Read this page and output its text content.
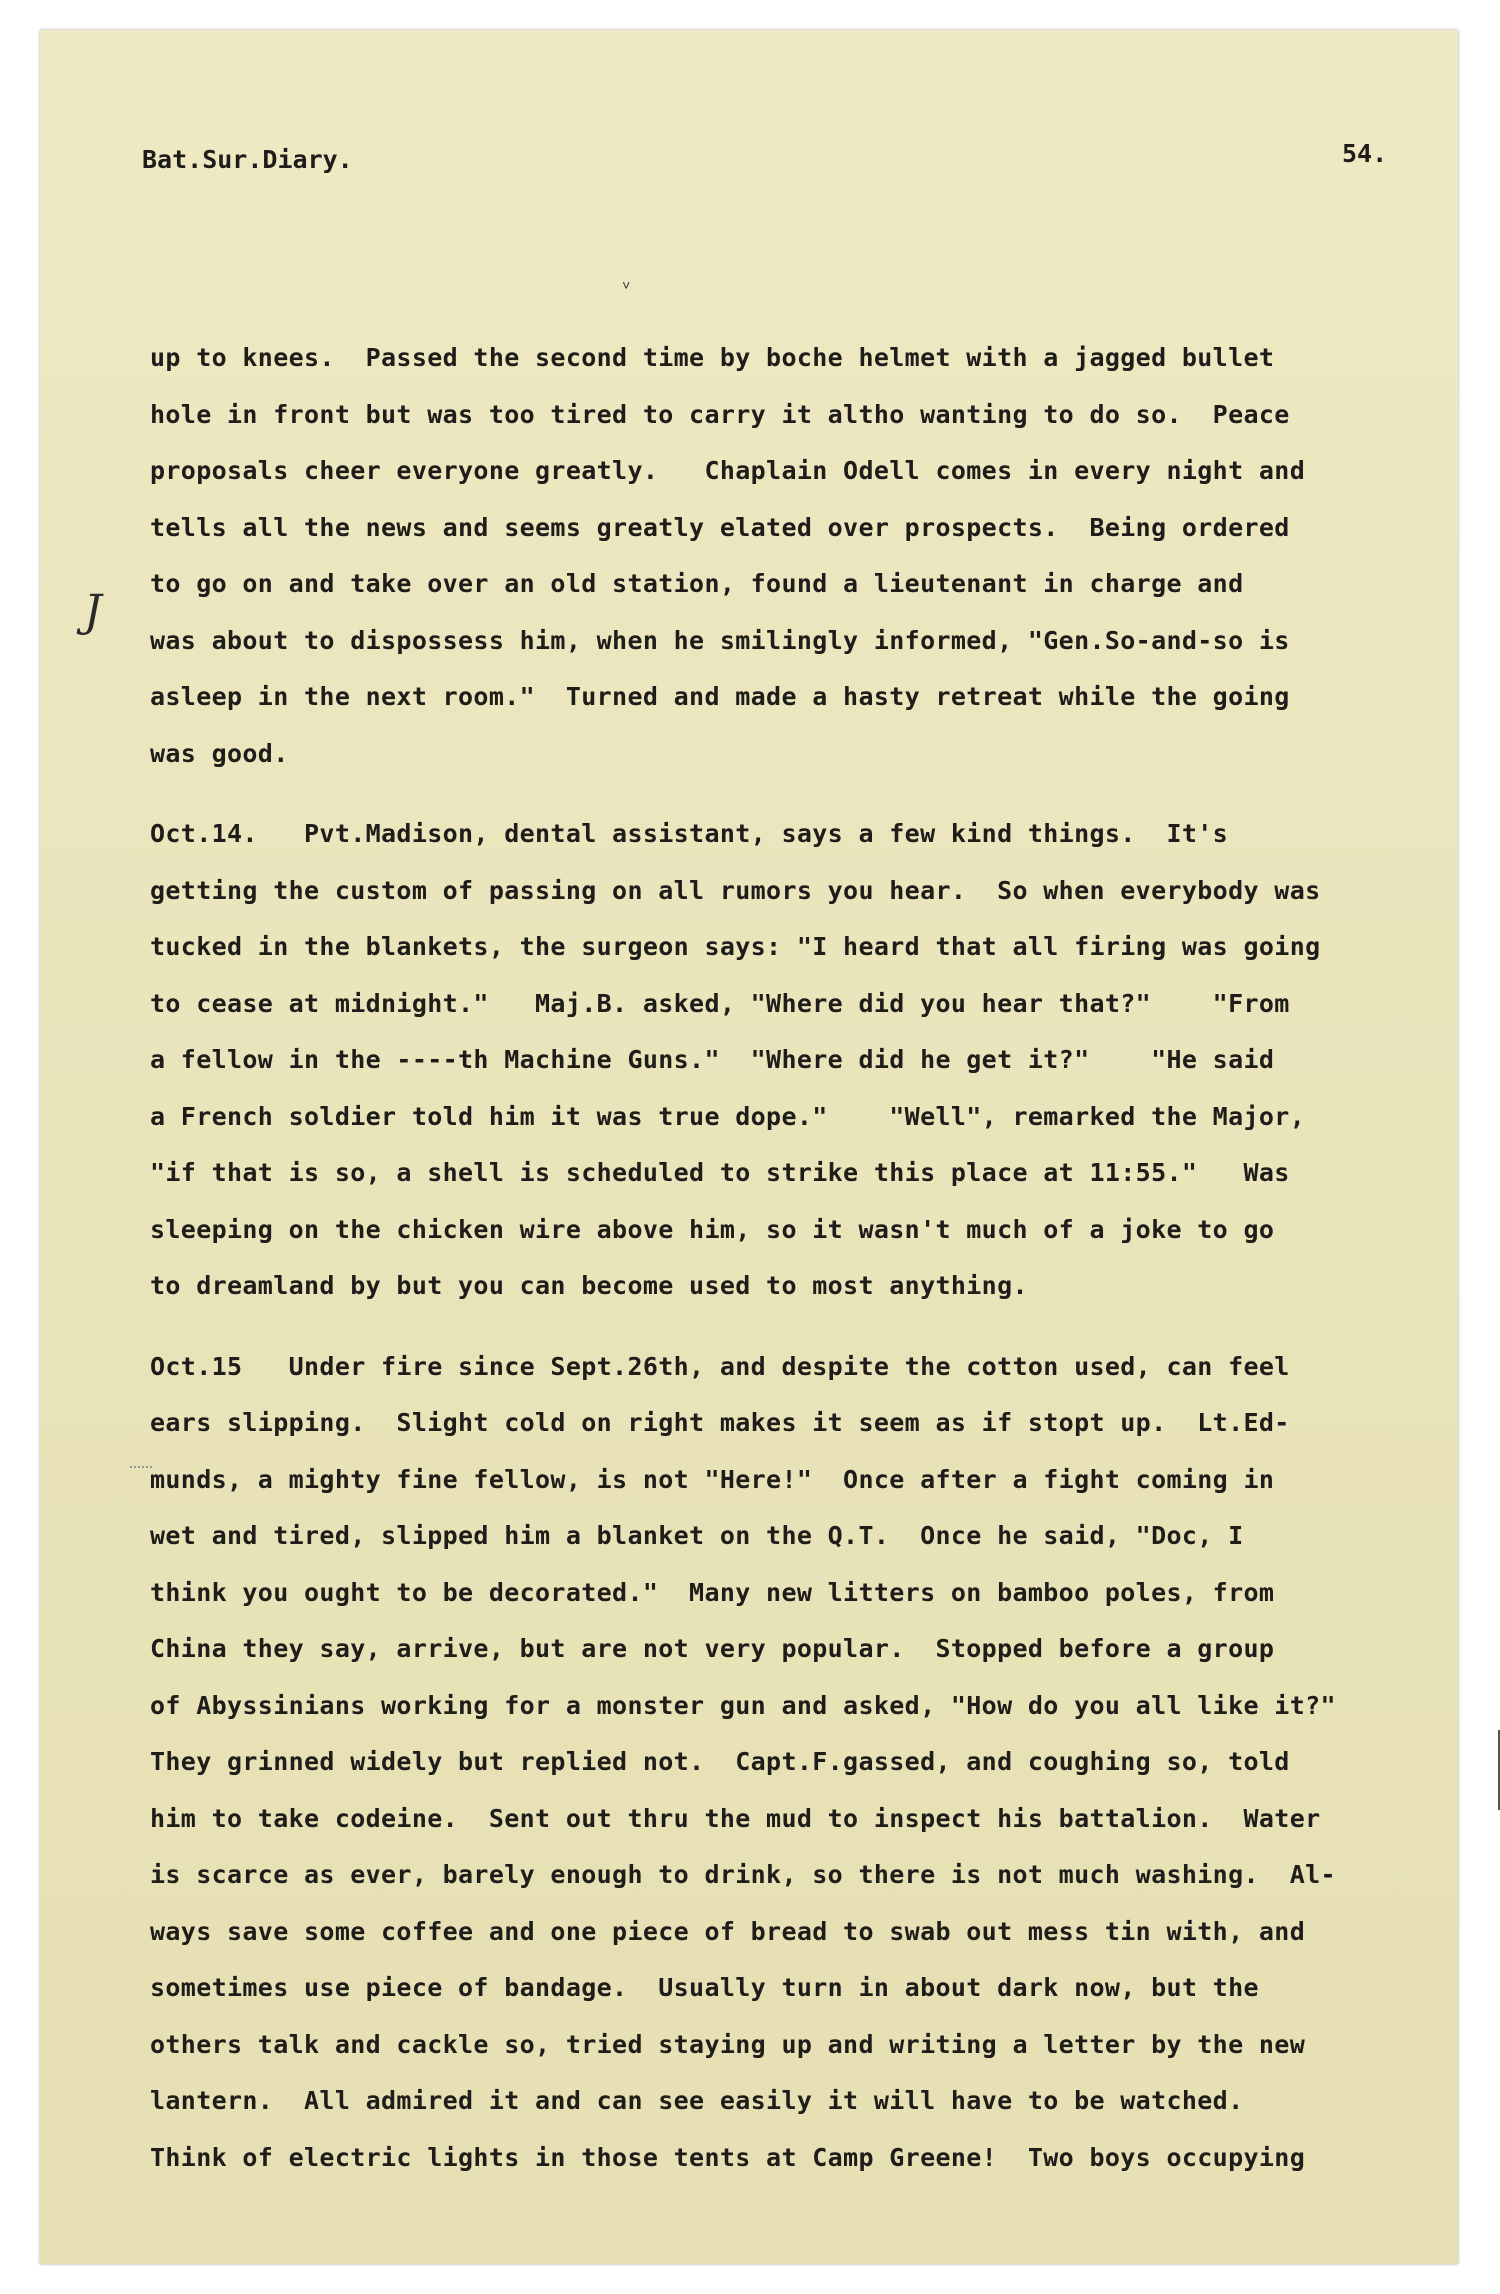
Bat.Sur.Diary.	54.
˅
J
up to knees.  Passed the second time by boche helmet with a jagged bullet
hole in front but was too tired to carry it altho wanting to do so.  Peace
proposals cheer everyone greatly.   Chaplain Odell comes in every night and
tells all the news and seems greatly elated over prospects.  Being ordered
to go on and take over an old station, found a lieutenant in charge and
was about to dispossess him, when he smilingly informed, "Gen.So-and-so is
asleep in the next room."  Turned and made a hasty retreat while the going
was good.
Oct.14.   Pvt.Madison, dental assistant, says a few kind things.  It's
getting the custom of passing on all rumors you hear.  So when everybody was
tucked in the blankets, the surgeon says: "I heard that all firing was going
to cease at midnight."   Maj.B. asked, "Where did you hear that?"    "From
a fellow in the ----th Machine Guns."  "Where did he get it?"    "He said
a French soldier told him it was true dope."    "Well", remarked the Major,
"if that is so, a shell is scheduled to strike this place at 11:55."   Was
sleeping on the chicken wire above him, so it wasn't much of a joke to go
to dreamland by but you can become used to most anything.
Oct.15   Under fire since Sept.26th, and despite the cotton used, can feel
ears slipping.  Slight cold on right makes it seem as if stopt up.  Lt.Ed-
munds, a mighty fine fellow, is not "Here!"  Once after a fight coming in
wet and tired, slipped him a blanket on the Q.T.  Once he said, "Doc, I
think you ought to be decorated."  Many new litters on bamboo poles, from
China they say, arrive, but are not very popular.  Stopped before a group
of Abyssinians working for a monster gun and asked, "How do you all like it?"
They grinned widely but replied not.  Capt.F.gassed, and coughing so, told
him to take codeine.  Sent out thru the mud to inspect his battalion.  Water
is scarce as ever, barely enough to drink, so there is not much washing.  Al-
ways save some coffee and one piece of bread to swab out mess tin with, and
sometimes use piece of bandage.  Usually turn in about dark now, but the
others talk and cackle so, tried staying up and writing a letter by the new
lantern.  All admired it and can see easily it will have to be watched.
Think of electric lights in those tents at Camp Greene!  Two boys occupying
